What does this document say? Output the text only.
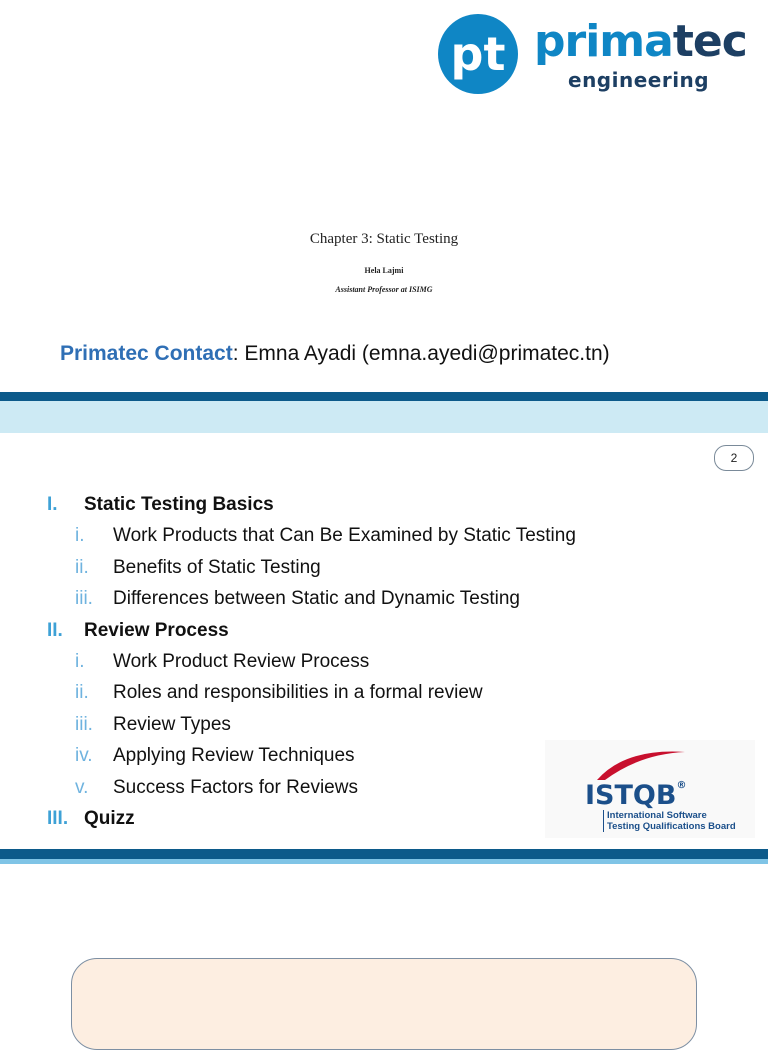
pt primatec
engineering
Chapter 3: Static Testing
Hela Lajmi
Assistant Professor at ISIMG
Primatec Contact: Emna Ayadi (emna.ayedi@primatec.tn)
2
I. Static Testing Basics
i. Work Products that Can Be Examined by Static Testing
ii. Benefits of Static Testing
iii. Differences between Static and Dynamic Testing
II. Review Process
i. Work Product Review Process
ii. Roles and responsibilities in a formal review
iii. Review Types
iv. Applying Review Techniques
v. Success Factors for Reviews
III. Quizz
ISTQB®
International Software
Testing Qualifications Board
